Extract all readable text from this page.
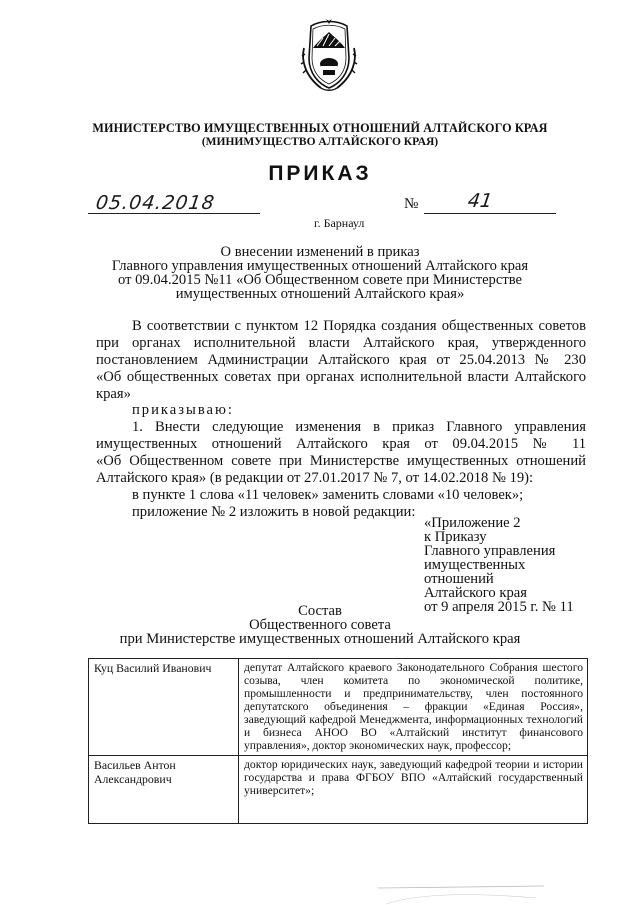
МИНИСТЕРСТВО ИМУЩЕСТВЕННЫХ ОТНОШЕНИЙ АЛТАЙСКОГО КРАЯ
(МИНИМУЩЕСТВО АЛТАЙСКОГО КРАЯ)
ПРИКАЗ
05.04.2018	№	41
г. Барнаул
О внесении изменений в приказ
Главного управления имущественных отношений Алтайского края
от 09.04.2015 №11 «Об Общественном совете при Министерстве
имущественных отношений Алтайского края»
В соответствии с пунктом 12 Порядка создания общественных советов
при органах исполнительной власти Алтайского края, утвержденного
постановлением Администрации Алтайского края от 25.04.2013 № 230
«Об общественных советах при органах исполнительной власти Алтайского
края»
приказываю:
1. Внести следующие изменения в приказ Главного управления
имущественных отношений Алтайского края от 09.04.2015 № 11
«Об Общественном совете при Министерстве имущественных отношений
Алтайского края» (в редакции от 27.01.2017 № 7, от 14.02.2018 № 19):
в пункте 1 слова «11 человек» заменить словами «10 человек»;
приложение № 2 изложить в новой редакции:
«Приложение 2
к Приказу
Главного управления
имущественных
отношений
Алтайского края
от 9 апреля 2015 г. № 11
Состав
Общественного совета
при Министерстве имущественных отношений Алтайского края
Куц Василий Иванович	депутат Алтайского краевого Законодательного Собрания шестого созыва, член комитета по экономической политике, промышленности и предпринимательству, член постоянного депутатского объединения – фракции «Единая Россия», заведующий кафедрой Менеджмента, информационных технологий и бизнеса АНОО ВО «Алтайский институт финансового управления», доктор экономических наук, профессор;
Васильев Антон Александрович	доктор юридических наук, заведующий кафедрой теории и истории государства и права ФГБОУ ВПО «Алтайский государственный университет»;
